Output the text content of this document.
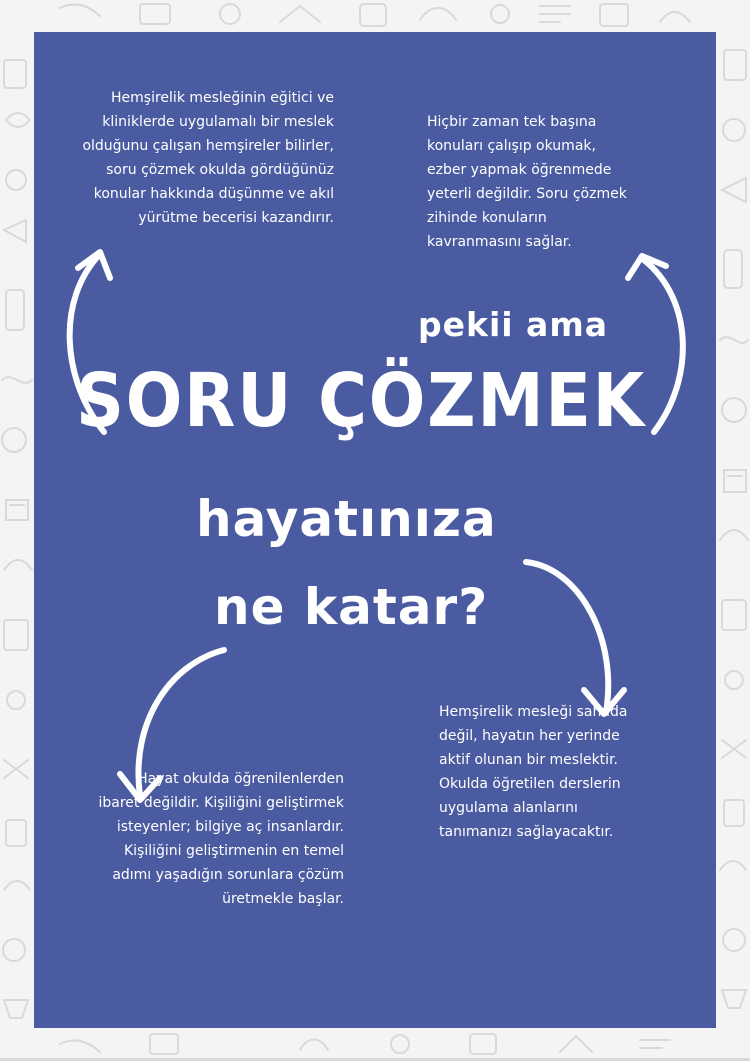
Hemşirelik mesleğinin eğitici ve
kliniklerde uygulamalı bir meslek
olduğunu çalışan hemşireler bilirler,
soru çözmek okulda gördüğünüz
konular hakkında düşünme ve akıl
yürütme becerisi kazandırır.
Hiçbir zaman tek başına
konuları çalışıp okumak,
ezber yapmak öğrenmede
yeterli değildir. Soru çözmek
zihinde konuların
kavranmasını sağlar.
pekii ama
SORU ÇÖZMEK
hayatınıza
ne katar?
Hemşirelik mesleği sahada
değil, hayatın her yerinde
aktif olunan bir meslektir.
Okulda öğretilen derslerin
uygulama alanlarını
tanımanızı sağlayacaktır.
Hayat okulda öğrenilenlerden
ibaret değildir. Kişiliğini geliştirmek
isteyenler; bilgiye aç insanlardır.
Kişiliğini geliştirmenin en temel
adımı yaşadığın sorunlara çözüm
üretmekle başlar.
